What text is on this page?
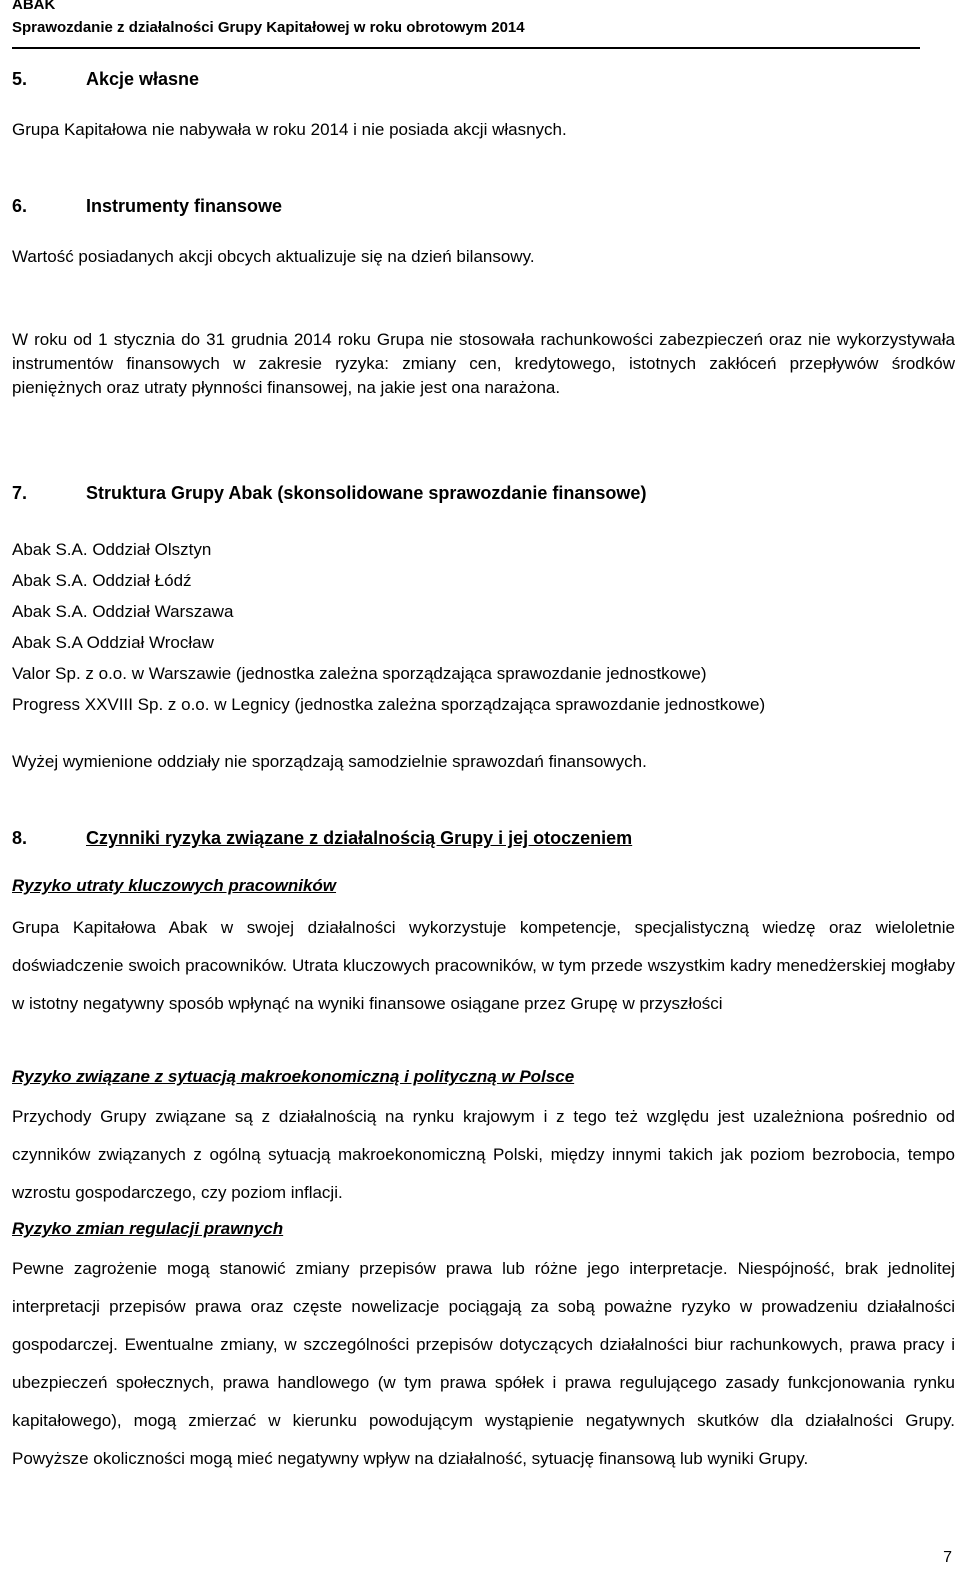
ABAK
Sprawozdanie z działalności Grupy Kapitałowej w roku obrotowym 2014
5.	Akcje własne
Grupa Kapitałowa nie nabywała w roku 2014 i nie posiada akcji własnych.
6.	Instrumenty finansowe
Wartość posiadanych akcji obcych aktualizuje się na dzień bilansowy.
W roku od 1 stycznia do 31 grudnia 2014 roku Grupa nie stosowała rachunkowości zabezpieczeń oraz nie wykorzystywała instrumentów finansowych w zakresie ryzyka: zmiany cen, kredytowego, istotnych zakłóceń przepływów środków pieniężnych oraz utraty płynności finansowej, na jakie jest ona narażona.
7.	Struktura Grupy Abak (skonsolidowane sprawozdanie finansowe)
Abak S.A. Oddział Olsztyn
Abak S.A. Oddział Łódź
Abak S.A. Oddział Warszawa
Abak S.A Oddział Wrocław
Valor Sp. z o.o. w Warszawie (jednostka zależna sporządzająca sprawozdanie jednostkowe)
Progress XXVIII Sp. z o.o. w Legnicy (jednostka zależna sporządzająca sprawozdanie jednostkowe)
Wyżej wymienione oddziały nie sporządzają samodzielnie sprawozdań finansowych.
8.	Czynniki ryzyka związane z działalnością Grupy i jej otoczeniem
Ryzyko utraty kluczowych pracowników
Grupa Kapitałowa Abak w swojej działalności wykorzystuje kompetencje, specjalistyczną wiedzę oraz wieloletnie doświadczenie swoich pracowników. Utrata kluczowych pracowników, w tym przede wszystkim kadry menedżerskiej mogłaby w istotny negatywny sposób wpłynąć na wyniki finansowe osiągane przez Grupę w przyszłości
Ryzyko związane z sytuacją makroekonomiczną i polityczną w Polsce
Przychody Grupy związane są z działalnością na rynku krajowym i z tego też względu jest uzależniona pośrednio od czynników związanych z ogólną sytuacją makroekonomiczną Polski, między innymi takich jak poziom bezrobocia, tempo wzrostu gospodarczego, czy poziom inflacji.
Ryzyko zmian regulacji prawnych
Pewne zagrożenie mogą stanowić zmiany przepisów prawa lub różne jego interpretacje. Niespójność, brak jednolitej interpretacji przepisów prawa oraz częste nowelizacje pociągają za sobą poważne ryzyko w prowadzeniu działalności gospodarczej. Ewentualne zmiany, w szczególności przepisów dotyczących działalności biur rachunkowych, prawa pracy i ubezpieczeń społecznych, prawa handlowego (w tym prawa spółek i prawa regulującego zasady funkcjonowania rynku kapitałowego), mogą zmierzać w kierunku powodującym wystąpienie negatywnych skutków dla działalności Grupy. Powyższe okoliczności mogą mieć negatywny wpływ na działalność, sytuację finansową lub wyniki Grupy.
7
